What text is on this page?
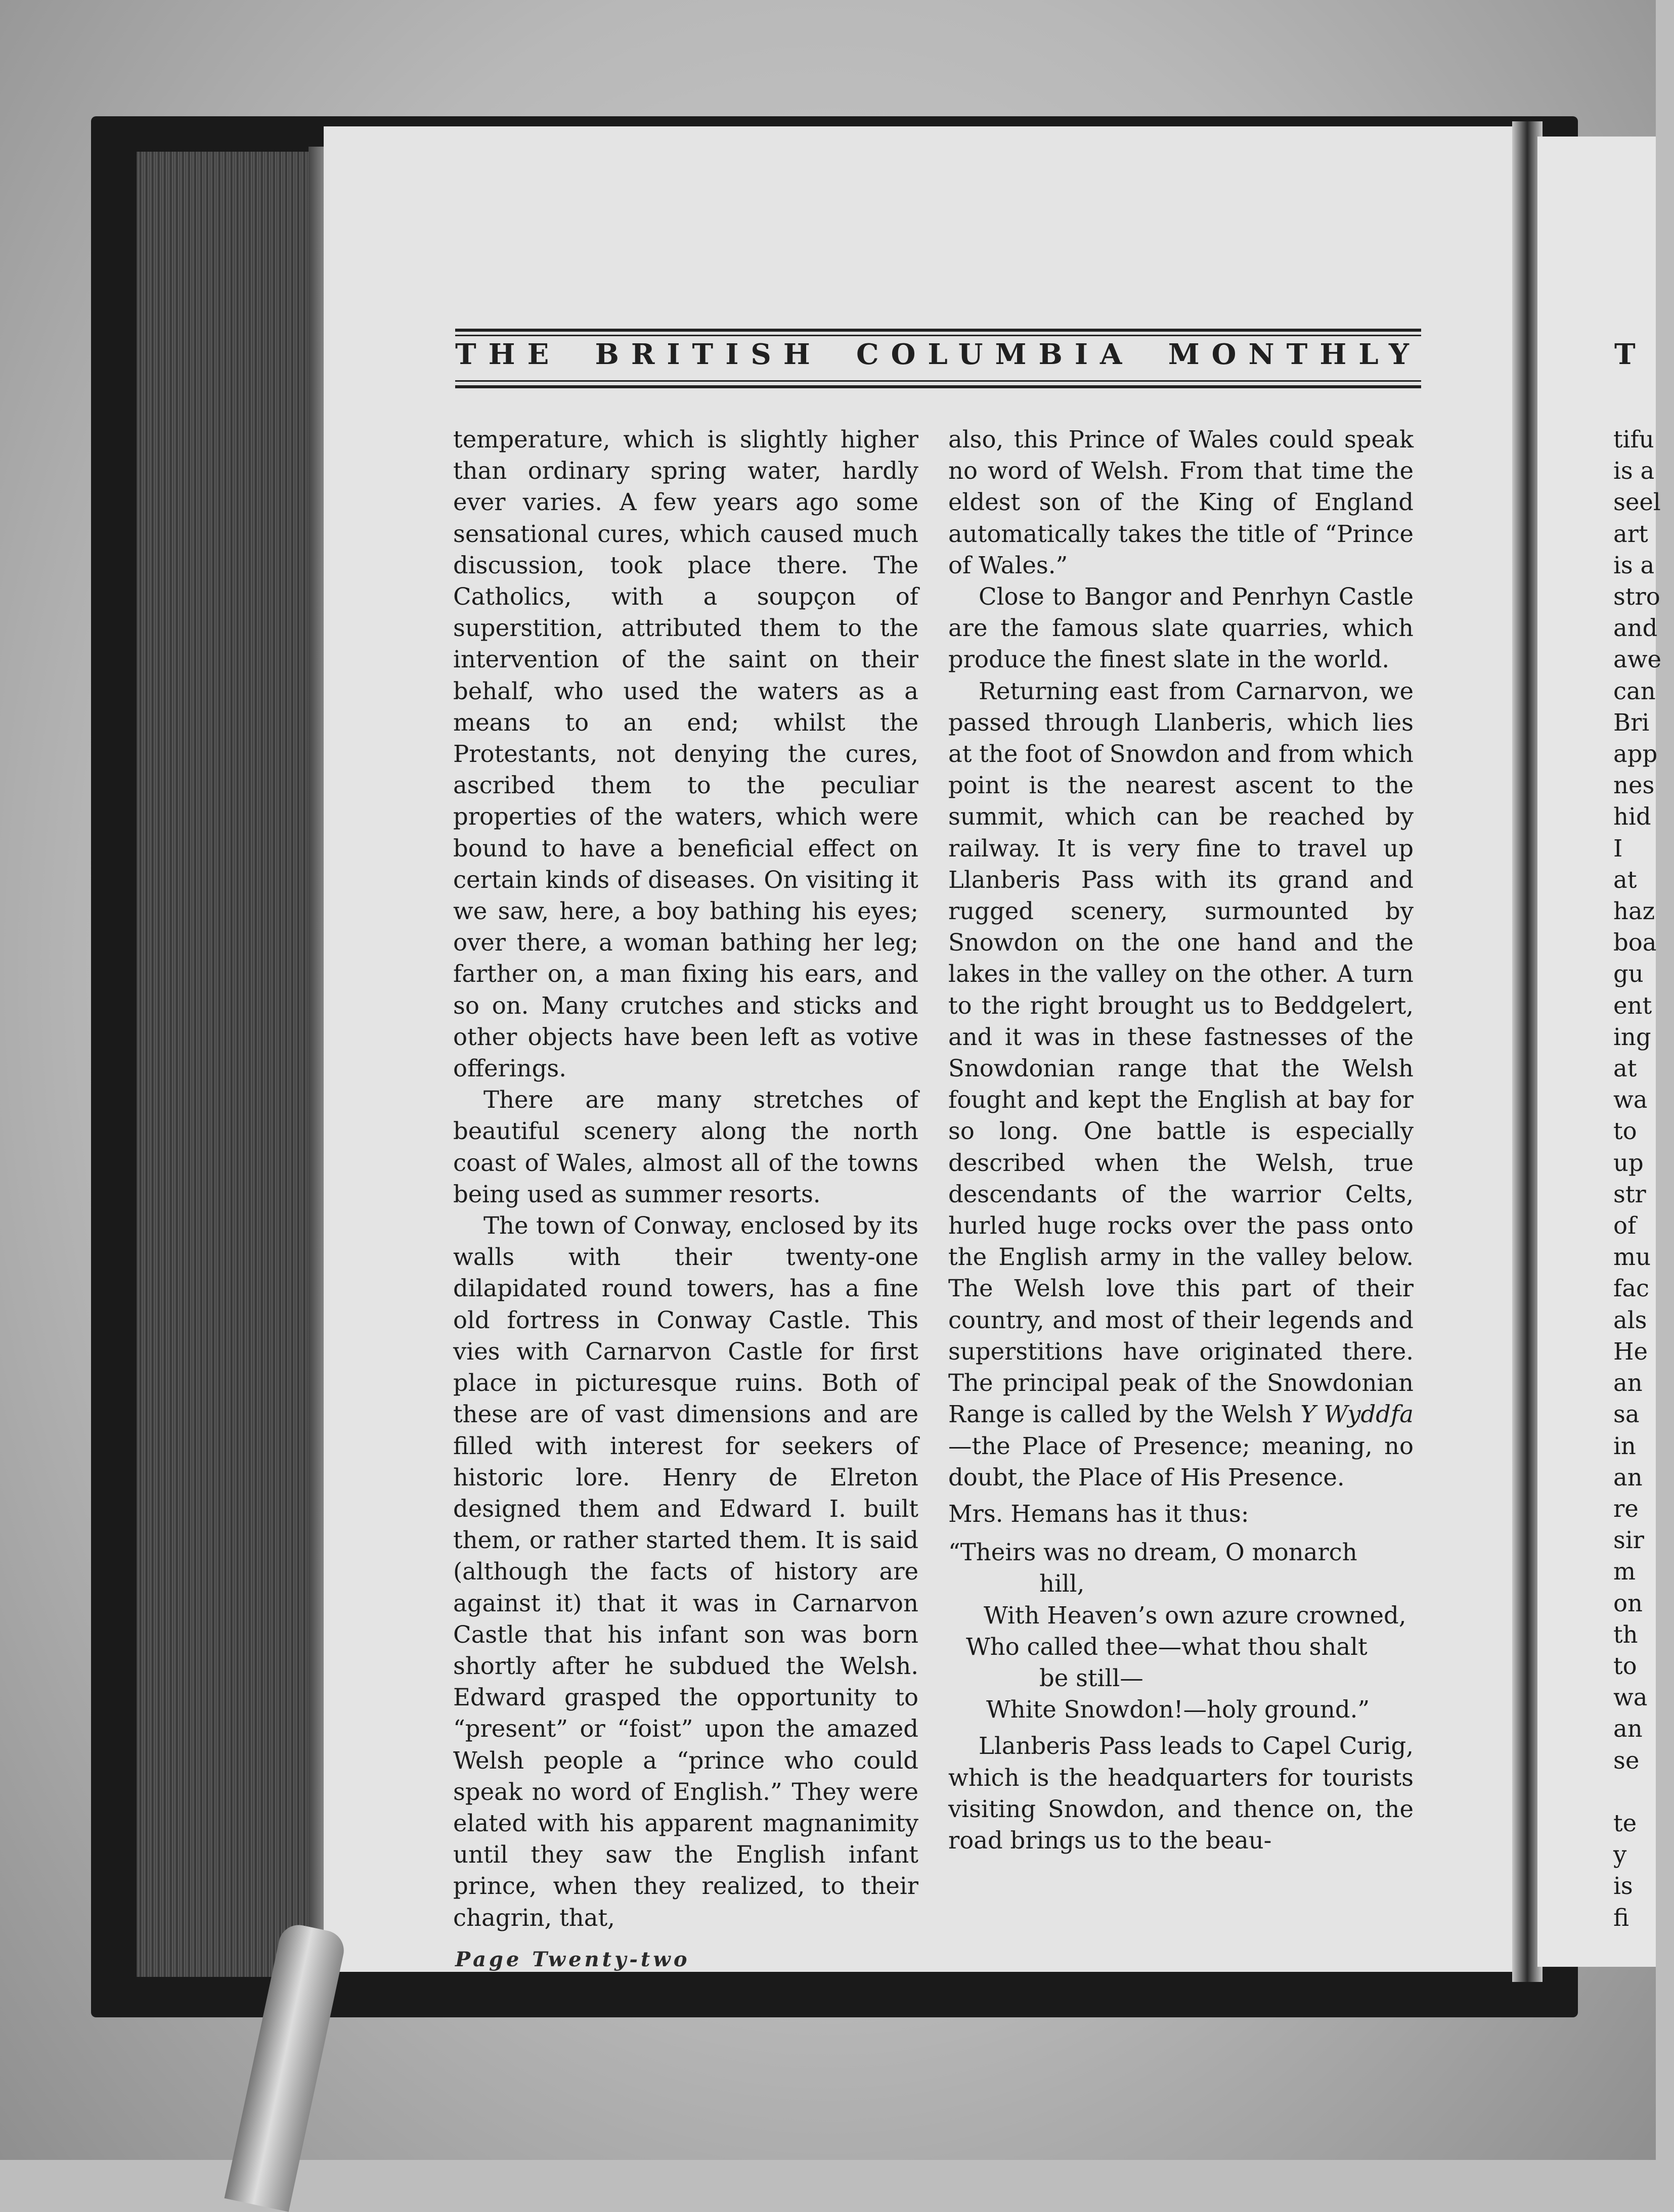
THE BRITISH COLUMBIA MONTHLY

temperature, which is slightly higher than ordinary spring water, hardly ever varies. A few years ago some sensational cures, which caused much discussion, took place there. The Catholics, with a soupçon of superstition, attributed them to the intervention of the saint on their behalf, who used the waters as a means to an end; whilst the Protestants, not denying the cures, ascribed them to the peculiar properties of the waters, which were bound to have a beneficial effect on certain kinds of diseases. On visiting it we saw, here, a boy bathing his eyes; over there, a woman bathing her leg; farther on, a man fixing his ears, and so on. Many crutches and sticks and other objects have been left as votive offerings.

There are many stretches of beautiful scenery along the north coast of Wales, almost all of the towns being used as summer resorts.

The town of Conway, enclosed by its walls with their twenty-one dilapidated round towers, has a fine old fortress in Conway Castle. This vies with Carnarvon Castle for first place in picturesque ruins. Both of these are of vast dimensions and are filled with interest for seekers of historic lore. Henry de Elreton designed them and Edward I. built them, or rather started them. It is said (although the facts of history are against it) that it was in Carnarvon Castle that his infant son was born shortly after he subdued the Welsh. Edward grasped the opportunity to “present” or “foist” upon the amazed Welsh people a “prince who could speak no word of English.” They were elated with his apparent magnanimity until they saw the English infant prince, when they realized, to their chagrin, that,

also, this Prince of Wales could speak no word of Welsh. From that time the eldest son of the King of England automatically takes the title of “Prince of Wales.”

Close to Bangor and Penrhyn Castle are the famous slate quarries, which produce the finest slate in the world.

Returning east from Carnarvon, we passed through Llanberis, which lies at the foot of Snowdon and from which point is the nearest ascent to the summit, which can be reached by railway. It is very fine to travel up Llanberis Pass with its grand and rugged scenery, surmounted by Snowdon on the one hand and the lakes in the valley on the other. A turn to the right brought us to Beddgelert, and it was in these fastnesses of the Snowdonian range that the Welsh fought and kept the English at bay for so long. One battle is especially described when the Welsh, true descendants of the warrior Celts, hurled huge rocks over the pass onto the English army in the valley below. The Welsh love this part of their country, and most of their legends and superstitions have originated there. The principal peak of the Snowdonian Range is called by the Welsh Y Wyddfa—the Place of Presence; meaning, no doubt, the Place of His Presence.

Mrs. Hemans has it thus:

“Theirs was no dream, O monarch

hill,

With Heaven’s own azure crowned,

Who called thee—what thou shalt

be still—

White Snowdon!—holy ground.”

Llanberis Pass leads to Capel Curig, which is the headquarters for tourists visiting Snowdon, and thence on, the road brings us to the beau-

Page Twenty-two
T
tifu
is a
seel
art
is a
stro
and
awe
can
Bri
app
nes
hid
I
at
haz
boa
gu
ent
ing
at
wa
to
up
str
of
mu
fac
als
He
an
sa
in
an
re
sir
m
on
th
to
wa
an
se

te
y
is
fi
